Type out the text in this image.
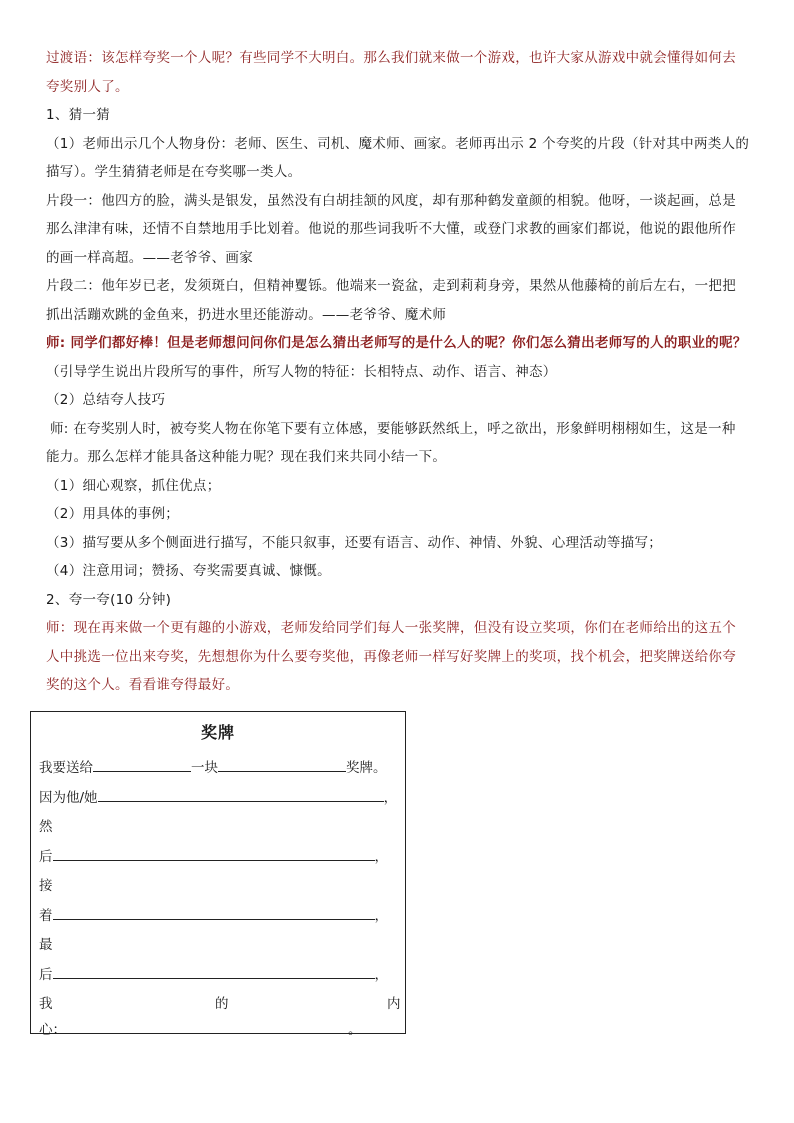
过渡语：该怎样夸奖一个人呢？有些同学不大明白。那么我们就来做一个游戏，也许大家从游戏中就会懂得如何去

夸奖别人了。

1、猜一猜

（1）老师出示几个人物身份：老师、医生、司机、魔术师、画家。老师再出示 2 个夸奖的片段（针对其中两类人的

描写）。学生猜猜老师是在夸奖哪一类人。

片段一：他四方的脸，满头是银发，虽然没有白胡挂颔的风度，却有那种鹤发童颜的相貌。他呀，一谈起画，总是

那么津津有味，还情不自禁地用手比划着。他说的那些词我听不大懂，或登门求教的画家们都说，他说的跟他所作

的画一样高超。——老爷爷、画家

片段二：他年岁已老，发须斑白，但精神矍铄。他端来一瓷盆，走到莉莉身旁，果然从他藤椅的前后左右，一把把

抓出活蹦欢跳的金鱼来，扔进水里还能游动。——老爷爷、魔术师

师: 同学们都好棒！但是老师想问问你们是怎么猜出老师写的是什么人的呢？你们怎么猜出老师写的人的职业的呢？

（引导学生说出片段所写的事件，所写人物的特征：长相特点、动作、语言、神态）

（2）总结夸人技巧

师: 在夸奖别人时，被夸奖人物在你笔下要有立体感，要能够跃然纸上，呼之欲出，形象鲜明栩栩如生，这是一种

能力。那么怎样才能具备这种能力呢？现在我们来共同小结一下。

（1）细心观察，抓住优点；

（2）用具体的事例；

（3）描写要从多个侧面进行描写，不能只叙事，还要有语言、动作、神情、外貌、心理活动等描写；

（4）注意用词；赞扬、夸奖需要真诚、慷慨。

2、夸一夸(10 分钟)

师：现在再来做一个更有趣的小游戏，老师发给同学们每人一张奖牌，但没有设立奖项，你们在老师给出的这五个

人中挑选一位出来夸奖，先想想你为什么要夸奖他，再像老师一样写好奖牌上的奖项，找个机会，把奖牌送给你夸

奖的这个人。看看谁夸得最好。

奖牌
我要送给	一块	奖牌。
因为他/她	，
然
后	，
接
着	，
最
后	，
我	的	内
心：	。
